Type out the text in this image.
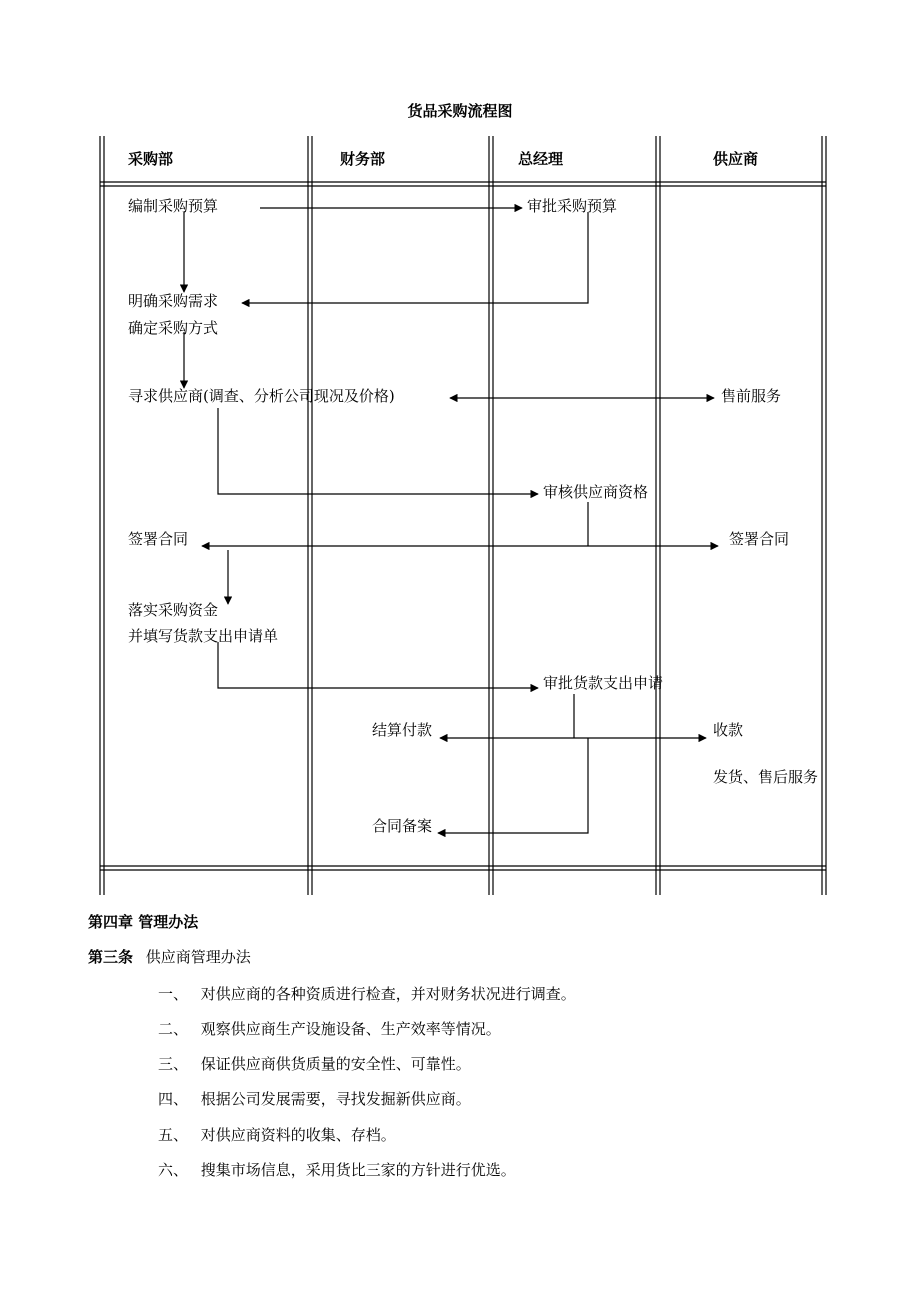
货品采购流程图
采购部	财务部	总经理	供应商
编制采购预算	审批采购预算
明确采购需求
确定采购方式
寻求供应商(调查、分析公司现况及价格)	售前服务
审核供应商资格
签署合同	签署合同
落实采购资金
并填写货款支出申请单
审批货款支出申请
结算付款	收款
发货、售后服务
合同备案
第四章 管理办法
第三条 供应商管理办法
一、 对供应商的各种资质进行检查，并对财务状况进行调查。
二、 观察供应商生产设施设备、生产效率等情况。
三、 保证供应商供货质量的安全性、可靠性。
四、 根据公司发展需要，寻找发掘新供应商。
五、 对供应商资料的收集、存档。
六、 搜集市场信息，采用货比三家的方针进行优选。
